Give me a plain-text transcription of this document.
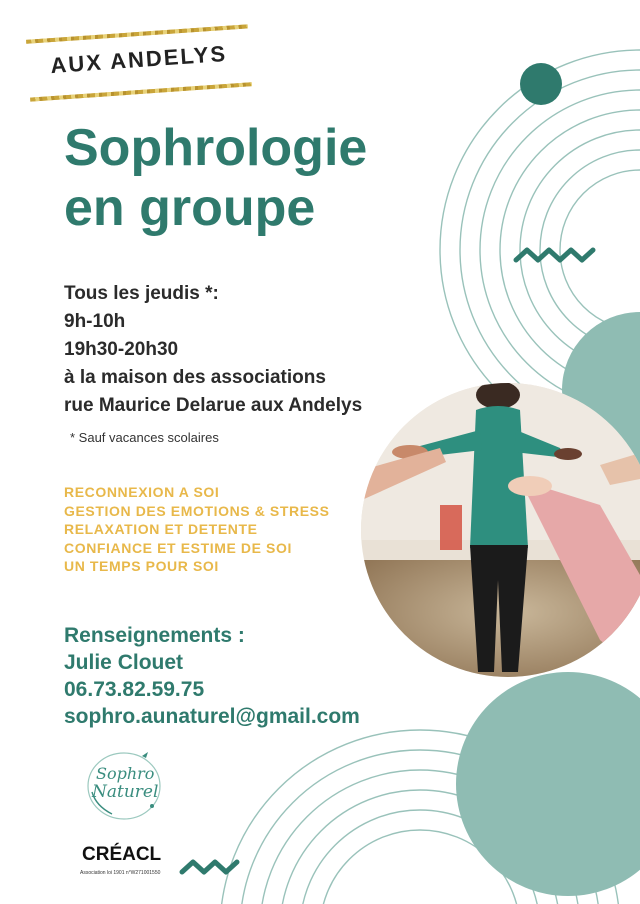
AUX ANDELYS
Sophrologie
en groupe
Tous les jeudis *:
9h-10h
19h30-20h30
à la maison des associations
rue Maurice Delarue aux Andelys
* Sauf vacances scolaires
RECONNEXION A SOI
GESTION DES EMOTIONS & STRESS
RELAXATION ET DETENTE
CONFIANCE ET ESTIME DE SOI
UN TEMPS POUR SOI
Renseignements :
Julie Clouet
06.73.82.59.75
sophro.aunaturel@gmail.com
Sophro
Naturel
CRÉACL
Association loi 1901 n°W271001550
